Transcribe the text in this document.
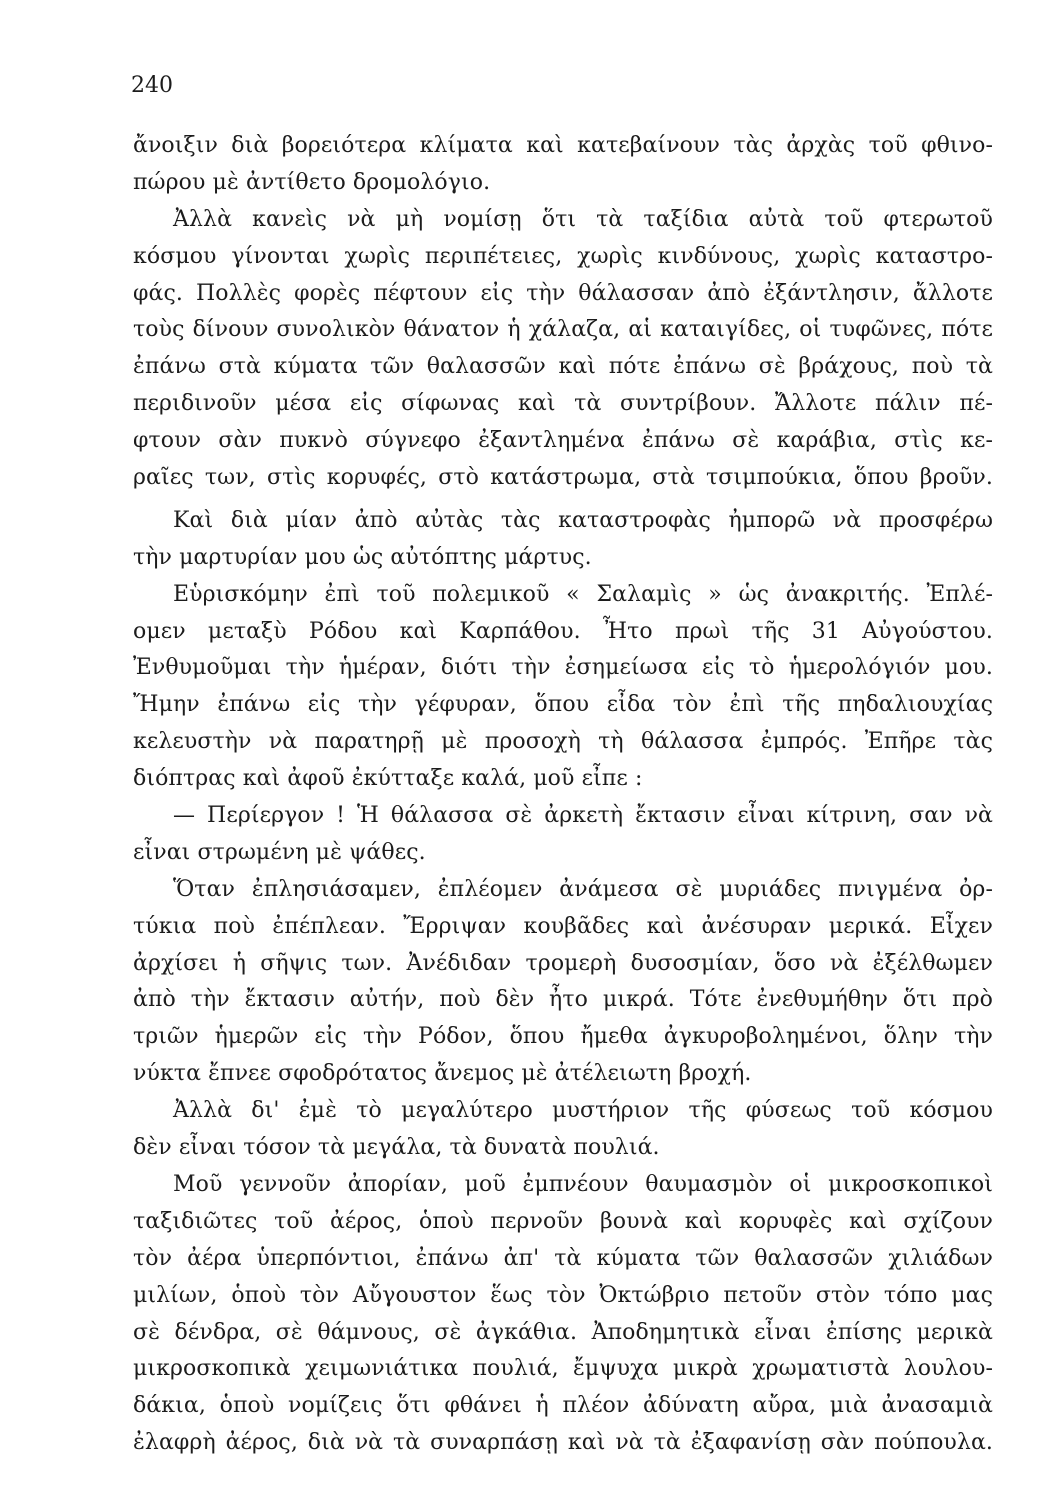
240
ἄνοιξιν διὰ βορειότερα κλίματα καὶ κατεβαίνουν τὰς ἀρχὰς τοῦ φθινο-
πώρου μὲ ἀντίθετο δρομολόγιο.
Ἀλλὰ κανεὶς νὰ μὴ νομίσῃ ὅτι τὰ ταξίδια αὐτὰ τοῦ φτερωτοῦ
κόσμου γίνονται χωρὶς περιπέτειες, χωρὶς κινδύνους, χωρὶς καταστρο-
φάς. Πολλὲς φορὲς πέφτουν εἰς τὴν θάλασσαν ἀπὸ ἐξάντλησιν, ἄλλοτε
τοὺς δίνουν συνολικὸν θάνατον ἡ χάλαζα, αἱ καταιγίδες, οἱ τυφῶνες, πότε
ἐπάνω στὰ κύματα τῶν θαλασσῶν καὶ πότε ἐπάνω σὲ βράχους, ποὺ τὰ
περιδινοῦν μέσα εἰς σίφωνας καὶ τὰ συντρίβουν. Ἄλλοτε πάλιν πέ-
φτουν σὰν πυκνὸ σύγνεφο ἐξαντλημένα ἐπάνω σὲ καράβια, στὶς κε-
ραῖες των, στὶς κορυφές, στὸ κατάστρωμα, στὰ τσιμπούκια, ὅπου βροῦν.
Καὶ διὰ μίαν ἀπὸ αὐτὰς τὰς καταστροφὰς ἠμπορῶ νὰ προσφέρω
τὴν μαρτυρίαν μου ὡς αὐτόπτης μάρτυς.
Εὑρισκόμην ἐπὶ τοῦ πολεμικοῦ « Σαλαμὶς » ὡς ἀνακριτής. Ἐπλέ-
ομεν μεταξὺ Ρόδου καὶ Καρπάθου. Ἦτο πρωὶ τῆς 31 Αὐγούστου.
Ἐνθυμοῦμαι τὴν ἡμέραν, διότι τὴν ἐσημείωσα εἰς τὸ ἡμερολόγιόν μου.
Ἤμην ἐπάνω εἰς τὴν γέφυραν, ὅπου εἶδα τὸν ἐπὶ τῆς πηδαλιουχίας
κελευστὴν νὰ παρατηρῇ μὲ προσοχὴ τὴ θάλασσα ἐμπρός. Ἐπῆρε τὰς
διόπτρας καὶ ἀφοῦ ἐκύτταξε καλά, μοῦ εἶπε :
— Περίεργον ! Ἡ θάλασσα σὲ ἀρκετὴ ἔκτασιν εἶναι κίτρινη, σαν νὰ
εἶναι στρωμένη μὲ ψάθες.
Ὅταν ἐπλησιάσαμεν, ἐπλέομεν ἀνάμεσα σὲ μυριάδες πνιγμένα ὀρ-
τύκια ποὺ ἐπέπλεαν. Ἔρριψαν κουβᾶδες καὶ ἀνέσυραν μερικά. Εἶχεν
ἀρχίσει ἡ σῆψις των. Ἀνέδιδαν τρομερὴ δυσοσμίαν, ὅσο νὰ ἐξέλθωμεν
ἀπὸ τὴν ἔκτασιν αὐτήν, ποὺ δὲν ἦτο μικρά. Τότε ἐνεθυμήθην ὅτι πρὸ
τριῶν ἡμερῶν εἰς τὴν Ρόδον, ὅπου ἤμεθα ἀγκυροβολημένοι, ὅλην τὴν
νύκτα ἔπνεε σφοδρότατος ἄνεμος μὲ ἀτέλειωτη βροχή.
Ἀλλὰ δι' ἐμὲ τὸ μεγαλύτερο μυστήριον τῆς φύσεως τοῦ κόσμου
δὲν εἶναι τόσον τὰ μεγάλα, τὰ δυνατὰ πουλιά.
Μοῦ γεννοῦν ἀπορίαν, μοῦ ἐμπνέουν θαυμασμὸν οἱ μικροσκοπικοὶ
ταξιδιῶτες τοῦ ἀέρος, ὁποὺ περνοῦν βουνὰ καὶ κορυφὲς καὶ σχίζουν
τὸν ἀέρα ὑπερπόντιοι, ἐπάνω ἀπ' τὰ κύματα τῶν θαλασσῶν χιλιάδων
μιλίων, ὁποὺ τὸν Αὔγουστον ἕως τὸν Ὀκτώβριο πετοῦν στὸν τόπο μας
σὲ δένδρα, σὲ θάμνους, σὲ ἀγκάθια. Ἀποδημητικὰ εἶναι ἐπίσης μερικὰ
μικροσκοπικὰ χειμωνιάτικα πουλιά, ἔμψυχα μικρὰ χρωματιστὰ λουλου-
δάκια, ὁποὺ νομίζεις ὅτι φθάνει ἡ πλέον ἀδύνατη αὔρα, μιὰ ἀνασαμιὰ
ἐλαφρὴ ἀέρος, διὰ νὰ τὰ συναρπάσῃ καὶ νὰ τὰ ἐξαφανίσῃ σὰν πούπουλα.
